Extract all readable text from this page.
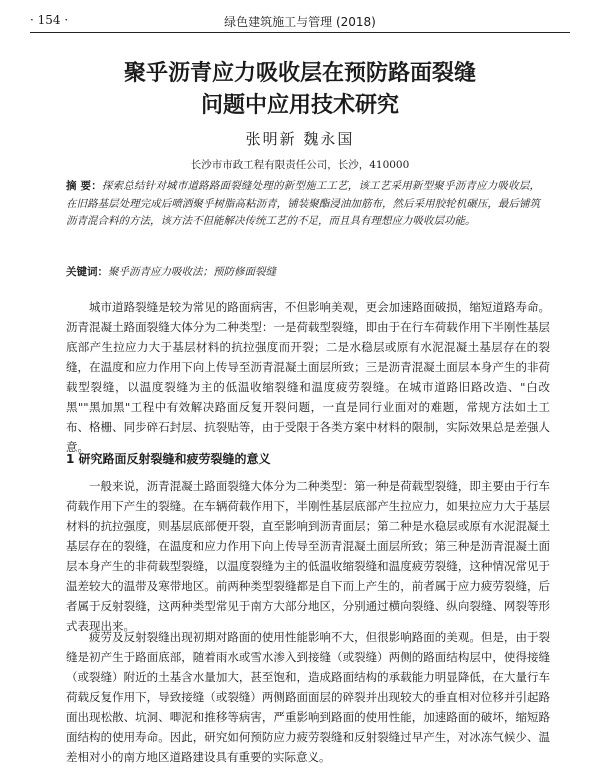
· 154 ·	绿色建筑施工与管理 (2018)
聚乎沥青应力吸收层在预防路面裂缝
问题中应用技术研究
张明新 魏永国
长沙市市政工程有限责任公司，长沙，410000
摘 要：探索总结针对城市道路路面裂缝处理的新型施工工艺，该工艺采用新型聚乎沥青应力吸收层，在旧路基层处理完成后喷洒聚乎树脂高粘沥青，铺装聚酯浸油加筋布，然后采用胶轮机碾压，最后铺筑沥青混合料的方法，该方法不但能解决传统工艺的不足，而且具有理想应力吸收层功能。
关键词：聚乎沥青应力吸收法；预防修面裂缝
城市道路裂缝是较为常见的路面病害，不但影响美观，更会加速路面破损，缩短道路寿命。沥青混凝土路面裂缝大体分为二种类型：一是荷载型裂缝，即由于在行车荷载作用下半刚性基层底部产生拉应力大于基层材料的抗拉强度而开裂；二是水稳层或原有水泥混凝土基层存在的裂缝，在温度和应力作用下向上传导至沥青混凝土面层所致；三是沥青混凝土面层本身产生的非荷载型裂缝，以温度裂缝为主的低温收缩裂缝和温度疲劳裂缝。在城市道路旧路改造、"白改黑""黑加黑"工程中有效解决路面反复开裂问题，一直是同行业面对的难题，常规方法如土工布、格栅、同步碎石封层、抗裂贴等，由于受限于各类方案中材料的限制，实际效果总是差强人意。
1 研究路面反射裂缝和疲劳裂缝的意义
一般来说，沥青混凝土路面裂缝大体分为二种类型：第一种是荷载型裂缝，即主要由于行车荷载作用下产生的裂缝。在车辆荷载作用下，半刚性基层底部产生拉应力，如果拉应力大于基层材料的抗拉强度，则基层底部便开裂，直至影响到沥青面层；第二种是水稳层或原有水泥混凝土基层存在的裂缝，在温度和应力作用下向上传导至沥青混凝土面层所致；第三种是沥青混凝土面层本身产生的非荷载型裂缝，以温度裂缝为主的低温收缩裂缝和温度疲劳裂缝，这种情况常见于温差较大的温带及寒带地区。前两种类型裂缝都是自下而上产生的，前者属于应力疲劳裂缝，后者属于反射裂缝，这两种类型常见于南方大部分地区，分别通过横向裂缝、纵向裂缝、网裂等形式表现出来。
疲劳及反射裂缝出现初期对路面的使用性能影响不大，但很影响路面的美观。但是，由于裂缝是初产生于路面底部，随着雨水或雪水渗入到接缝（或裂缝）两侧的路面结构层中，使得接缝（或裂缝）附近的土基含水量加大，甚至饱和，造成路面结构的承载能力明显降低，在大量行车荷载反复作用下，导致接缝（或裂缝）两侧路面面层的碎裂并出现较大的垂直相对位移并引起路面出现松散、坑洞、唧泥和推移等病害，严重影响到路面的使用性能，加速路面的破坏，缩短路面结构的使用寿命。因此，研究如何预防应力疲劳裂缝和反射裂缝过早产生，对冰冻气候少、温差相对小的南方地区道路建设具有重要的实际意义。
